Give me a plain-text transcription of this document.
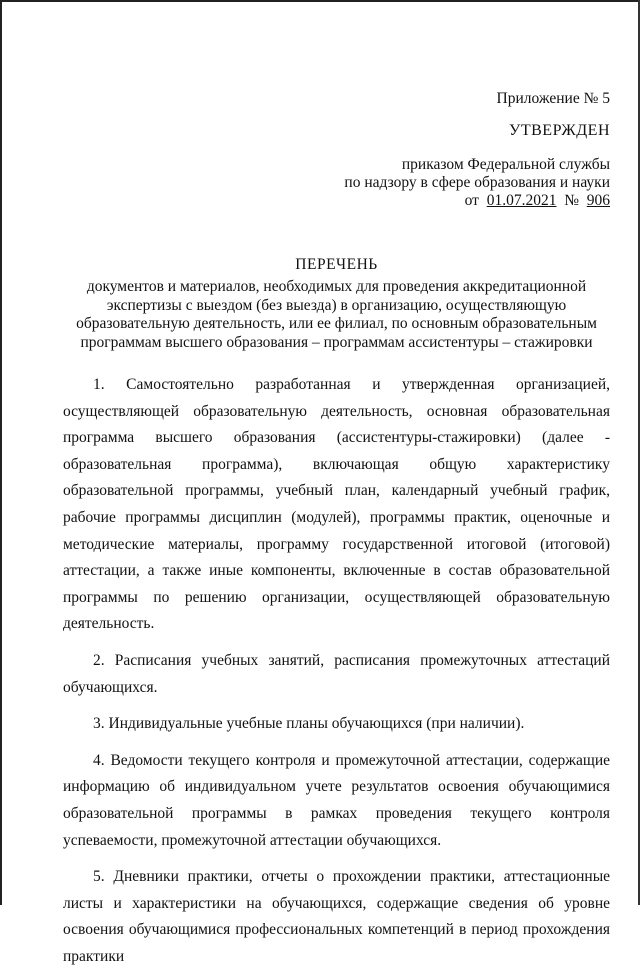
Приложение № 5
УТВЕРЖДЕН
приказом Федеральной службы
по надзору в сфере образования и науки
от 01.07.2021 № 906
ПЕРЕЧЕНЬ
документов и материалов, необходимых для проведения аккредитационной
экспертизы с выездом (без выезда) в организацию, осуществляющую
образовательную деятельность, или ее филиал, по основным образовательным
программам высшего образования – программам ассистентуры – стажировки

1. Самостоятельно разработанная и утвержденная организацией, осуществляющей образовательную деятельность, основная образовательная программа высшего образования (ассистентуры-стажировки) (далее - образовательная программа), включающая общую характеристику образовательной программы, учебный план, календарный учебный график, рабочие программы дисциплин (модулей), программы практик, оценочные и методические материалы, программу государственной итоговой (итоговой) аттестации, а также иные компоненты, включенные в состав образовательной программы по решению организации, осуществляющей образовательную деятельность.

2. Расписания учебных занятий, расписания промежуточных аттестаций обучающихся.

3. Индивидуальные учебные планы обучающихся (при наличии).

4. Ведомости текущего контроля и промежуточной аттестации, содержащие информацию об индивидуальном учете результатов освоения обучающимися образовательной программы в рамках проведения текущего контроля успеваемости, промежуточной аттестации обучающихся.

5. Дневники практики, отчеты о прохождении практики, аттестационные листы и характеристики на обучающихся, содержащие сведения об уровне освоения обучающимися профессиональных компетенций в период прохождения практики
